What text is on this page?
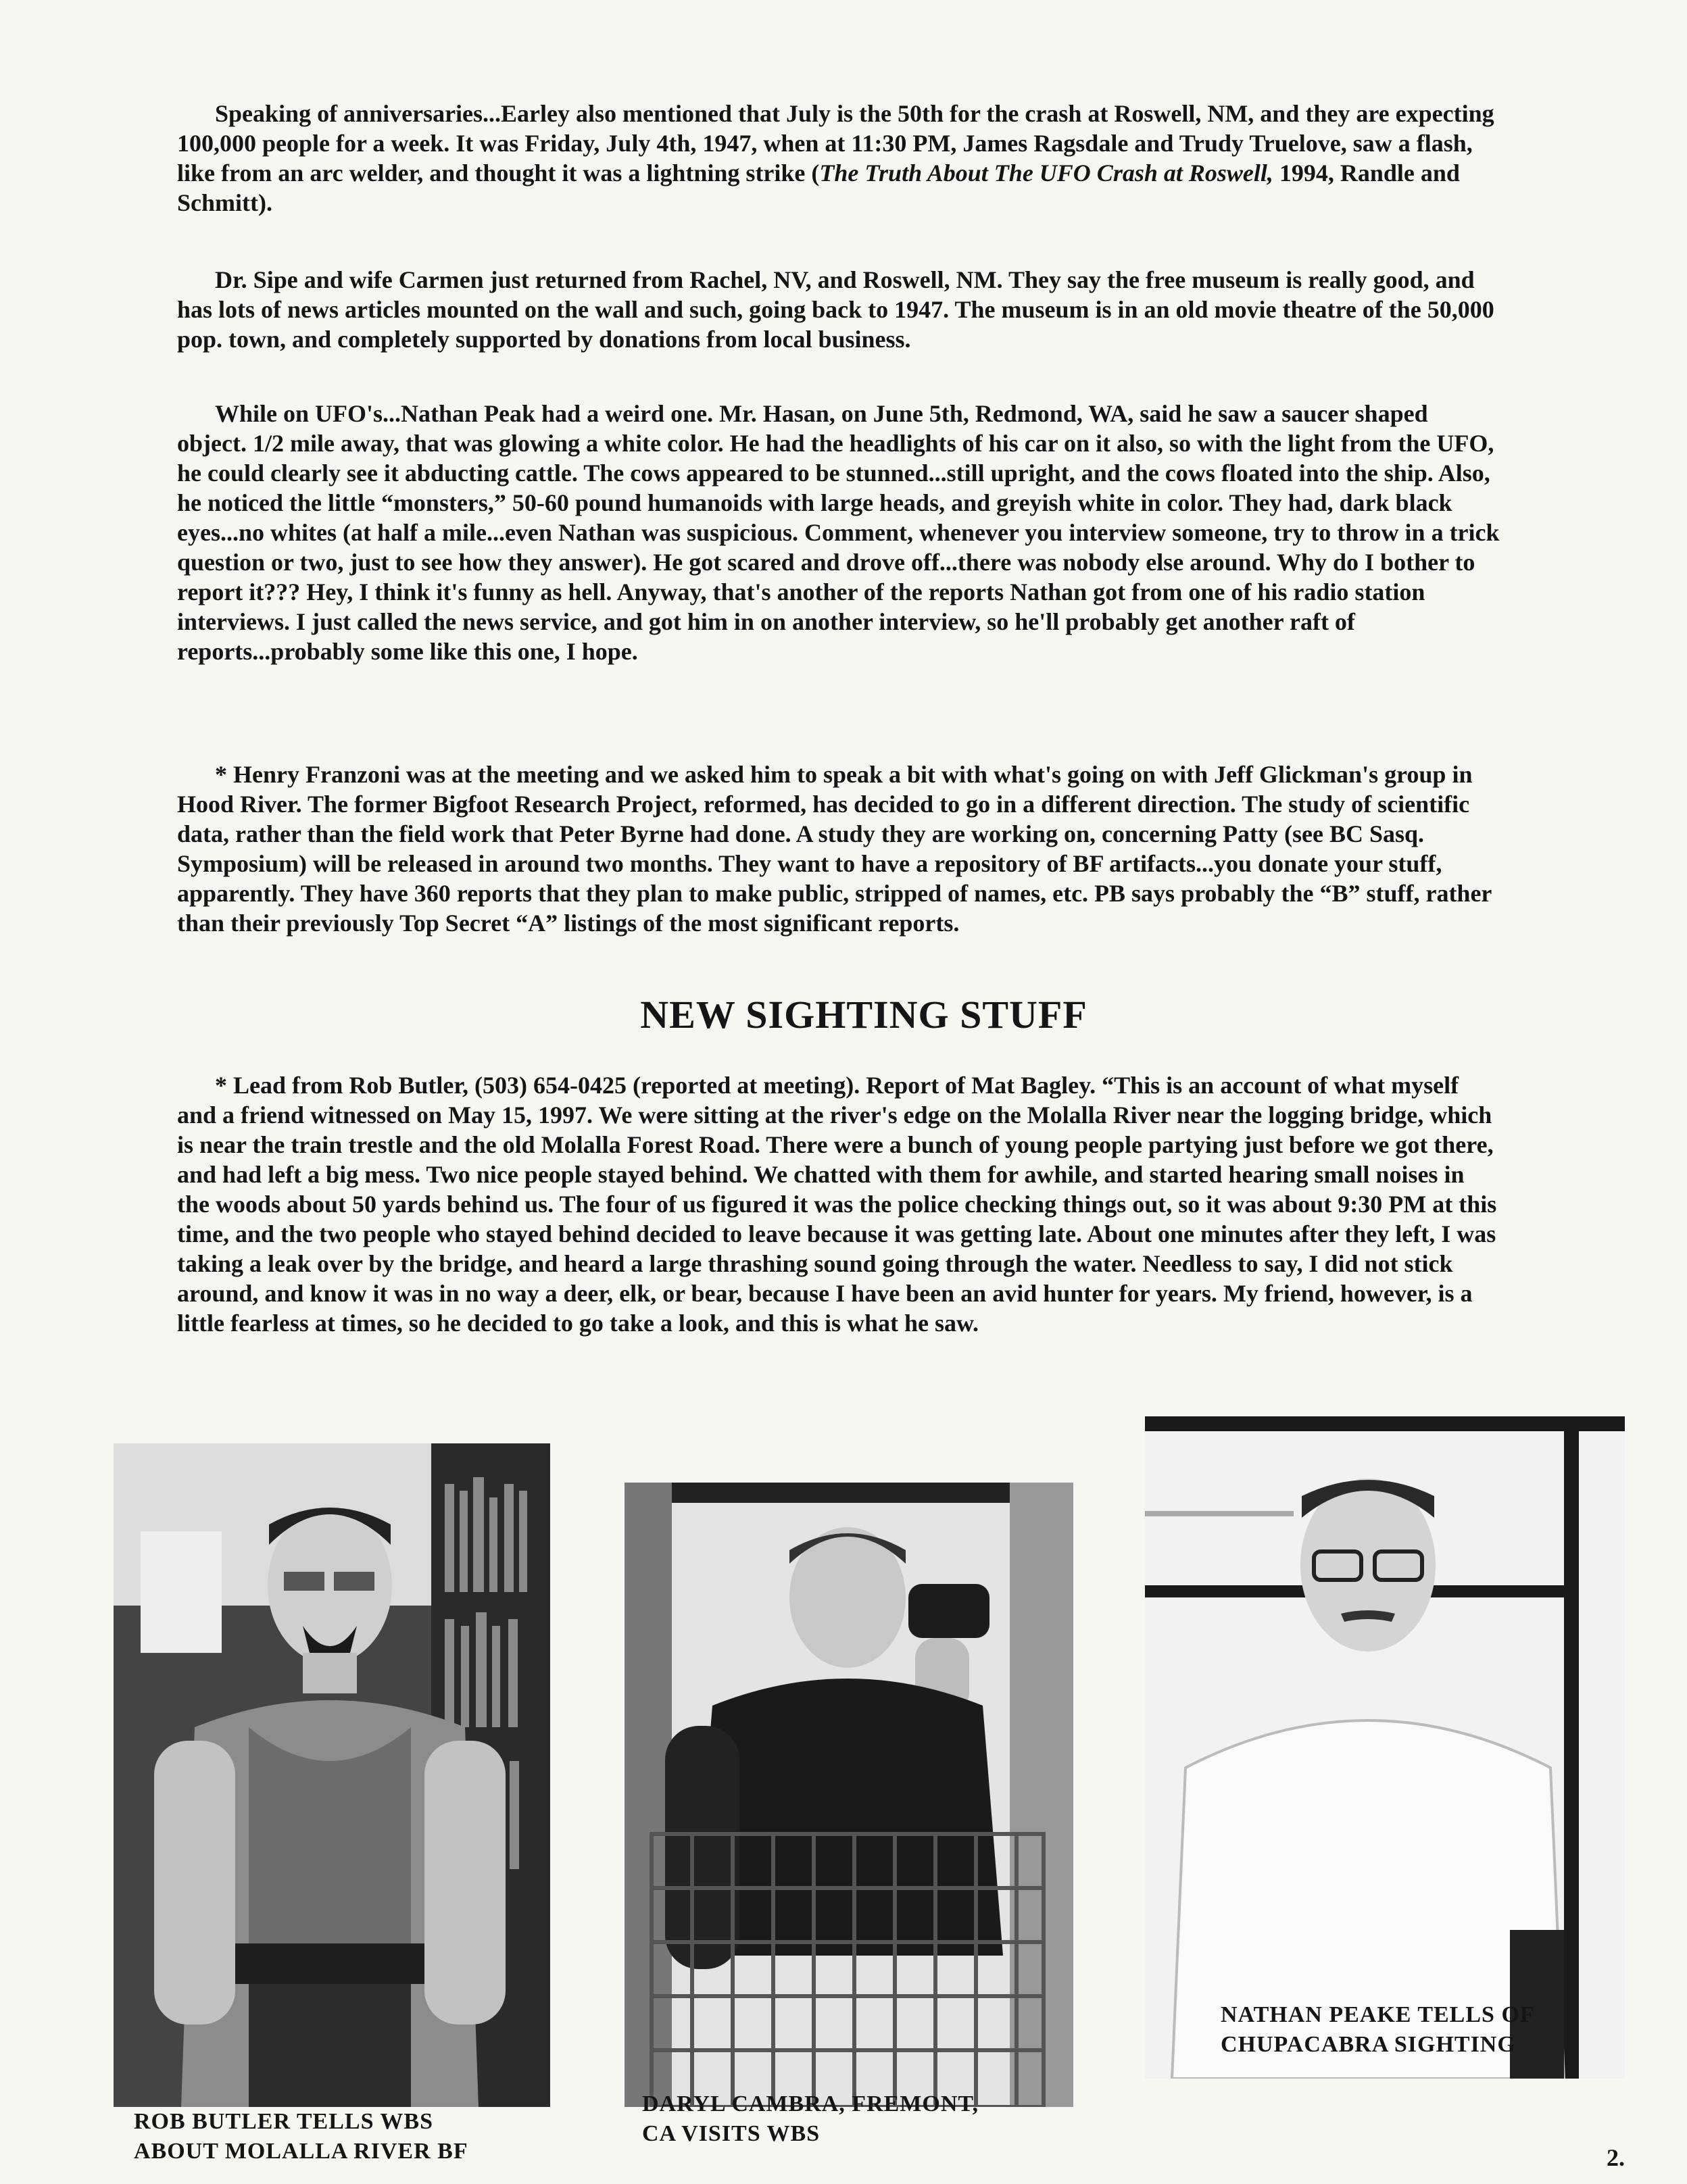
Speaking of anniversaries...Earley also mentioned that July is the 50th for the crash at Roswell, NM, and they are expecting 100,000 people for a week. It was Friday, July 4th, 1947, when at 11:30 PM, James Ragsdale and Trudy Truelove, saw a flash, like from an arc welder, and thought it was a lightning strike (The Truth About The UFO Crash at Roswell, 1994, Randle and Schmitt).

Dr. Sipe and wife Carmen just returned from Rachel, NV, and Roswell, NM. They say the free museum is really good, and has lots of news articles mounted on the wall and such, going back to 1947. The museum is in an old movie theatre of the 50,000 pop. town, and completely supported by donations from local business.

While on UFO's...Nathan Peak had a weird one. Mr. Hasan, on June 5th, Redmond, WA, said he saw a saucer shaped object. 1/2 mile away, that was glowing a white color. He had the headlights of his car on it also, so with the light from the UFO, he could clearly see it abducting cattle. The cows appeared to be stunned...still upright, and the cows floated into the ship. Also, he noticed the little “monsters,” 50-60 pound humanoids with large heads, and greyish white in color. They had, dark black eyes...no whites (at half a mile...even Nathan was suspicious. Comment, whenever you interview someone, try to throw in a trick question or two, just to see how they answer). He got scared and drove off...there was nobody else around. Why do I bother to report it??? Hey, I think it's funny as hell. Anyway, that's another of the reports Nathan got from one of his radio station interviews. I just called the news service, and got him in on another interview, so he'll probably get another raft of reports...probably some like this one, I hope.

* Henry Franzoni was at the meeting and we asked him to speak a bit with what's going on with Jeff Glickman's group in Hood River. The former Bigfoot Research Project, reformed, has decided to go in a different direction. The study of scientific data, rather than the field work that Peter Byrne had done. A study they are working on, concerning Patty (see BC Sasq. Symposium) will be released in around two months. They want to have a repository of BF artifacts...you donate your stuff, apparently. They have 360 reports that they plan to make public, stripped of names, etc. PB says probably the “B” stuff, rather than their previously Top Secret “A” listings of the most significant reports.

NEW SIGHTING STUFF

* Lead from Rob Butler, (503) 654-0425 (reported at meeting). Report of Mat Bagley. “This is an account of what myself and a friend witnessed on May 15, 1997. We were sitting at the river's edge on the Molalla River near the logging bridge, which is near the train trestle and the old Molalla Forest Road. There were a bunch of young people partying just before we got there, and had left a big mess. Two nice people stayed behind. We chatted with them for awhile, and started hearing small noises in the woods about 50 yards behind us. The four of us figured it was the police checking things out, so it was about 9:30 PM at this time, and the two people who stayed behind decided to leave because it was getting late. About one minutes after they left, I was taking a leak over by the bridge, and heard a large thrashing sound going through the water. Needless to say, I did not stick around, and know it was in no way a deer, elk, or bear, because I have been an avid hunter for years. My friend, however, is a little fearless at times, so he decided to go take a look, and this is what he saw.

ROB BUTLER TELLS WBS
ABOUT MOLALLA RIVER BF
DARYL CAMBRA, FREMONT,
CA VISITS WBS
NATHAN PEAKE TELLS OF
CHUPACABRA SIGHTING
2.
